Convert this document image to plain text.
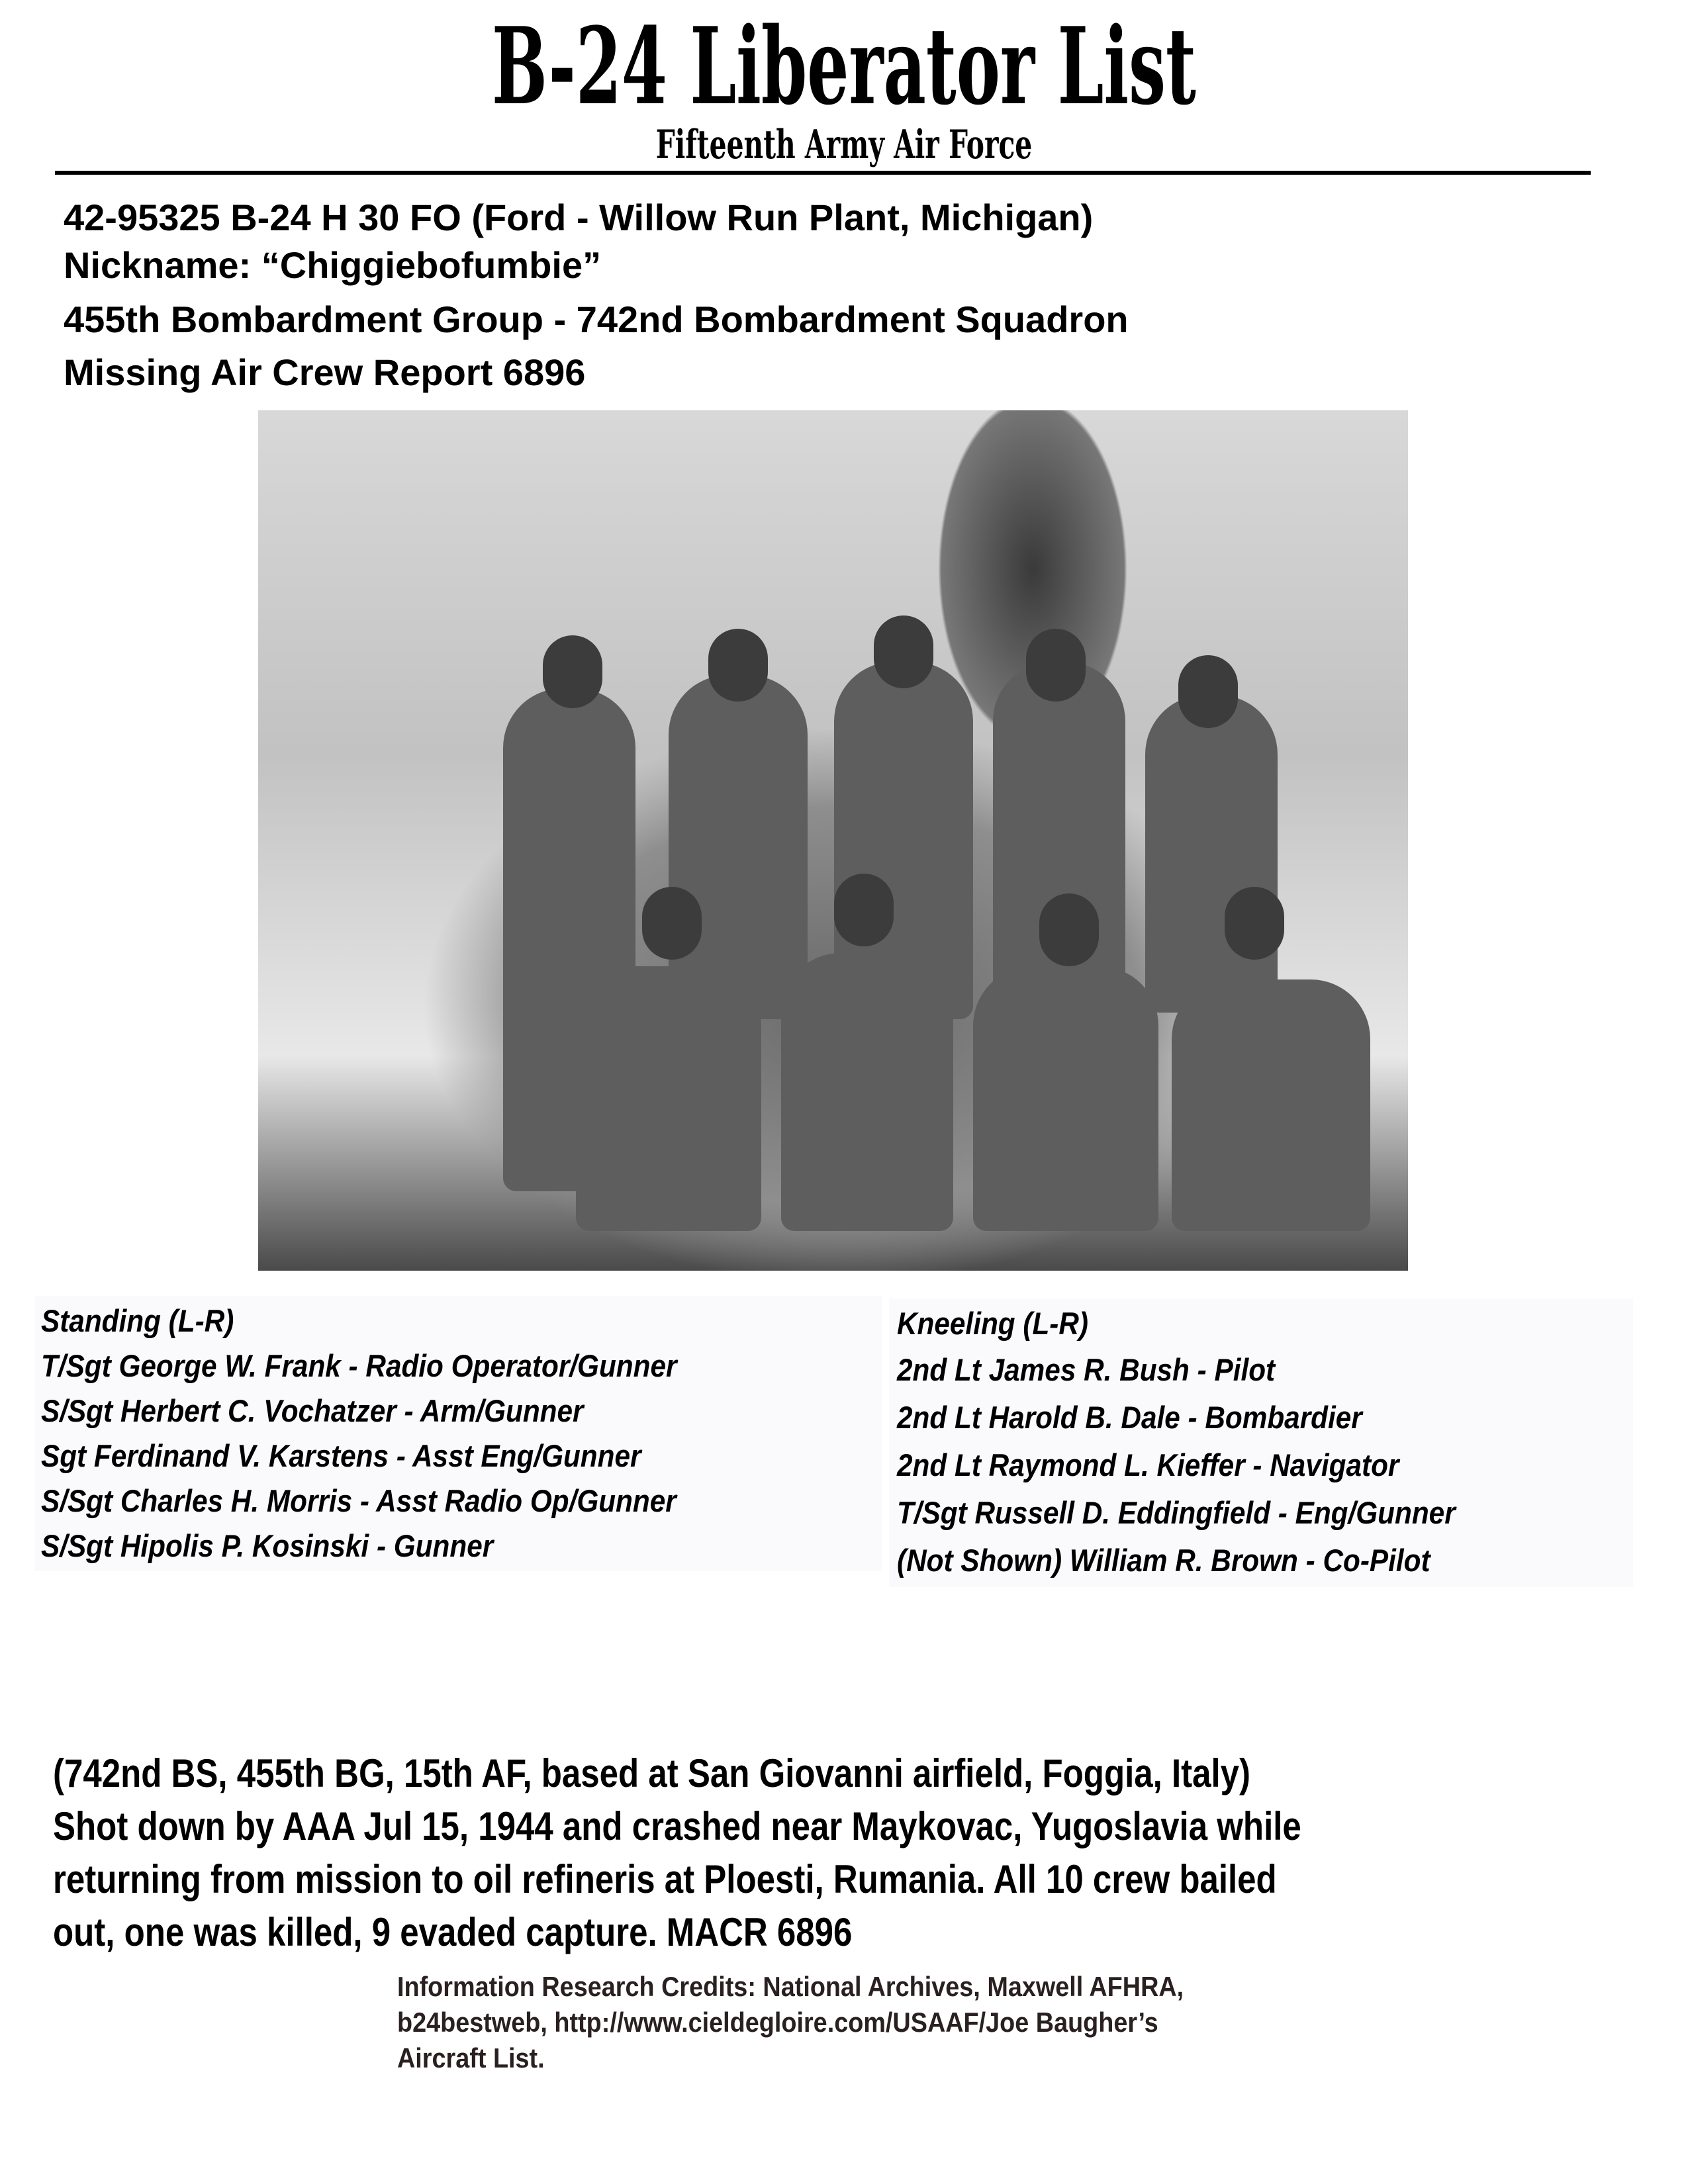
B-24 Liberator List
Fifteenth Army Air Force
42-95325 B-24 H 30 FO (Ford - Willow Run Plant, Michigan)
Nickname: “Chiggiebofumbie”
455th Bombardment Group - 742nd Bombardment Squadron
Missing Air Crew Report 6896
Standing (L-R)
T/Sgt George W. Frank - Radio Operator/Gunner
S/Sgt Herbert C. Vochatzer - Arm/Gunner
Sgt Ferdinand V. Karstens - Asst Eng/Gunner
S/Sgt Charles H. Morris - Asst Radio Op/Gunner
S/Sgt Hipolis P. Kosinski - Gunner
Kneeling (L-R)
2nd Lt James R. Bush - Pilot
2nd Lt Harold B. Dale - Bombardier
2nd Lt Raymond L. Kieffer - Navigator
T/Sgt Russell D. Eddingfield - Eng/Gunner
(Not Shown) William R. Brown - Co-Pilot
(742nd BS, 455th BG, 15th AF, based at San Giovanni airfield, Foggia, Italy)
Shot down by AAA Jul 15, 1944 and crashed near Maykovac, Yugoslavia while
returning from mission to oil refineris at Ploesti, Rumania. All 10 crew bailed
out, one was killed, 9 evaded capture. MACR 6896
Information Research Credits: National Archives, Maxwell AFHRA,
b24bestweb, http://www.cieldegloire.com/USAAF/Joe Baugher’s
Aircraft List.
